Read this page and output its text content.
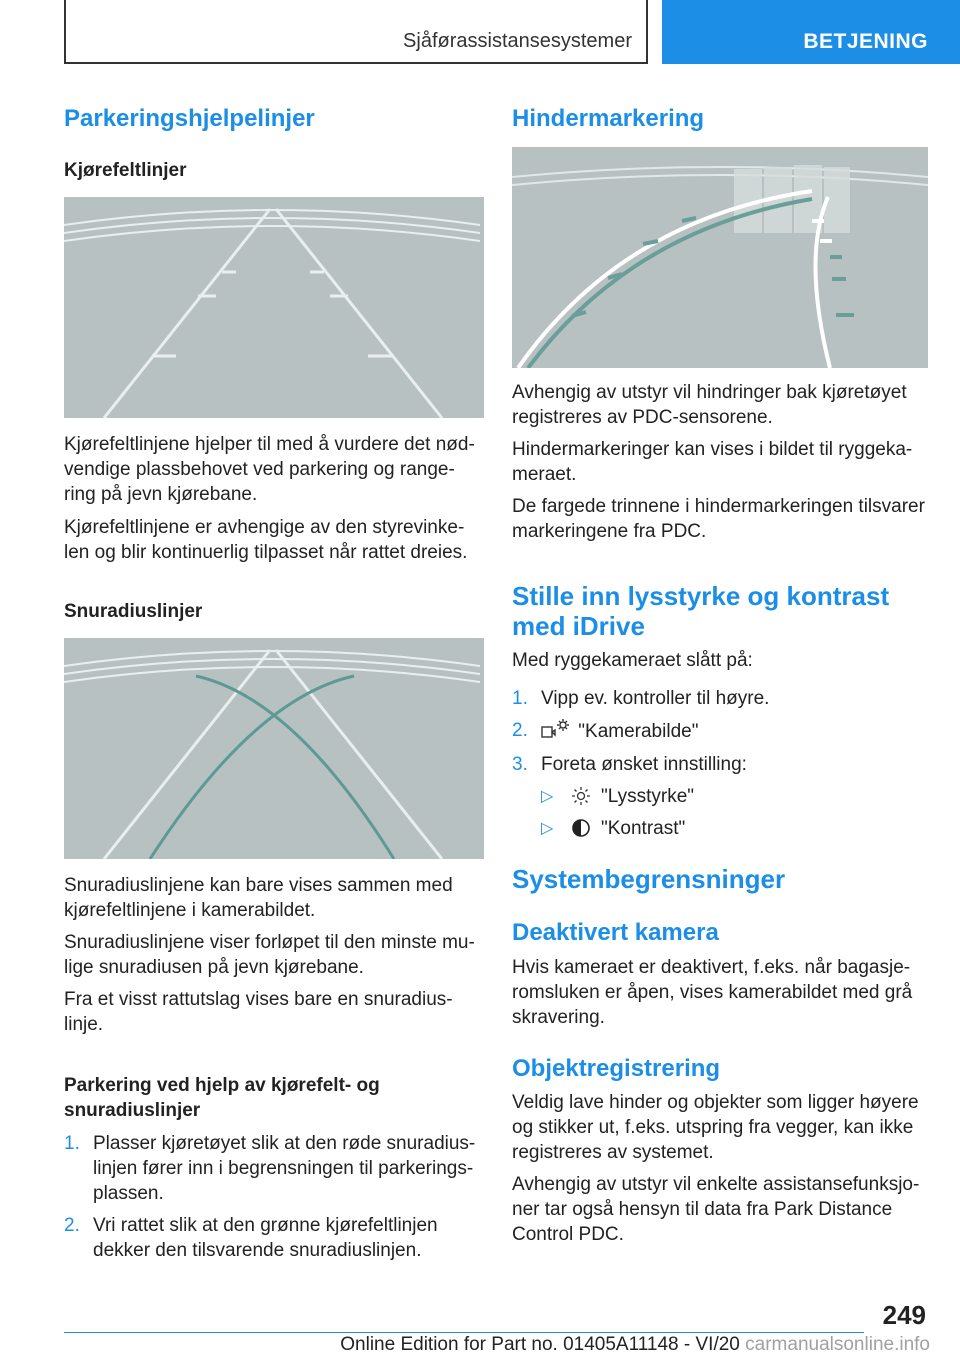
Sjåførassistansesystemer	BETJENING
Parkeringshjelpelinjer
Kjørefeltlinjer

Kjørefeltlinjene hjelper til med å vurdere det nød‐
vendige plassbehovet ved parkering og range‐
ring på jevn kjørebane.

Kjørefeltlinjene er avhengige av den styrevinke‐
len og blir kontinuerlig tilpasset når rattet dreies.

Snuradiuslinjer

Snuradiuslinjene kan bare vises sammen med
kjørefeltlinjene i kamerabildet.

Snuradiuslinjene viser forløpet til den minste mu‐
lige snuradiusen på jevn kjørebane.

Fra et visst rattutslag vises bare en snuradius‐
linje.

Parkering ved hjelp av kjørefelt- og
snuradiuslinjer
1. Plasser kjøretøyet slik at den røde snuradius‐
linjen fører inn i begrensningen til parkerings‐
plassen.
2. Vri rattet slik at den grønne kjørefeltlinjen
dekker den tilsvarende snuradiuslinjen.
Hindermarkering

Avhengig av utstyr vil hindringer bak kjøretøyet
registreres av PDC-sensorene.

Hindermarkeringer kan vises i bildet til ryggeka‐
meraet.

De fargede trinnene i hindermarkeringen tilsvarer
markeringene fra PDC.

Stille inn lysstyrke og kontrast
med iDrive

Med ryggekameraet slått på:

1. Vipp ev. kontroller til høyre.
2.	"Kamerabilde"
3. Foreta ønsket innstilling:
▷	"Lysstyrke"
▷	"Kontrast"
Systembegrensninger
Deaktivert kamera

Hvis kameraet er deaktivert, f.eks. når bagasje‐
romsluken er åpen, vises kamerabildet med grå
skravering.

Objektregistrering

Veldig lave hinder og objekter som ligger høyere
og stikker ut, f.eks. utspring fra vegger, kan ikke
registreres av systemet.

Avhengig av utstyr vil enkelte assistansefunksjo‐
ner tar også hensyn til data fra Park Distance
Control PDC.

249
Online Edition for Part no. 01405A11148 - VI/20 carmanualsonline.info
